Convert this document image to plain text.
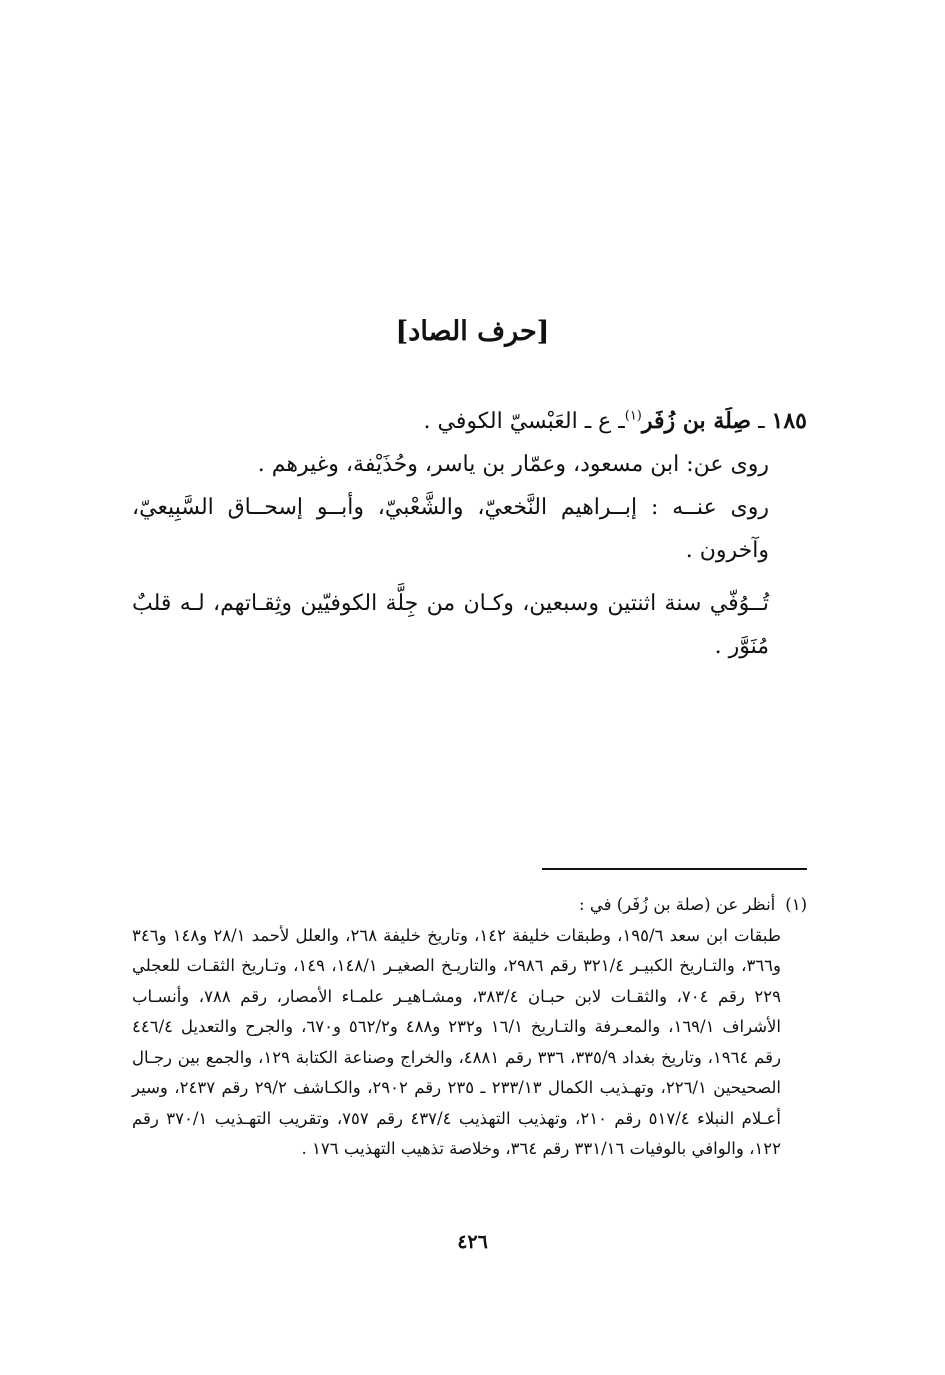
[حرف الصاد]

١٨٥ ـ صِلَة بن زُفَر$^{(١)}$ـ ع ـ العَبْسيّ الكوفي .

روى عن: ابن مسعود، وعمّار بن ياسر، وحُذَيْفة، وغيرهم .

روى عنــه : إبــراهيم النَّخعيّ، والشَّعْبيّ، وأبــو إسحــاق السَّبِيعيّ، وآخرون .

تُــوُفّي سنة اثنتين وسبعين، وكـان من جِلَّة الكوفيّين وثِقـاتهم، لـه قلبٌ مُنَوَّر .

(١)أنظر عن (صلة بن زُفَر) في :

طبقات ابن سعد ١٩٥/٦، وطبقات خليفة ١٤٢، وتاريخ خليفة ٢٦٨، والعلل لأحمد ٢٨/١ و١٤٨ و٣٤٦ و٣٦٦، والتـاريخ الكبيـر ٣٢١/٤ رقم ٢٩٨٦، والتاريـخ الصغيـر ١٤٨/١، ١٤٩، وتـاريخ الثقـات للعجلي ٢٢٩ رقم ٧٠٤، والثقـات لابن حبـان ٣٨٣/٤، ومشـاهيـر علمـاء الأمصار، رقم ٧٨٨، وأنسـاب الأشراف ١٦٩/١، والمعـرفة والتـاريخ ١٦/١ و٢٣٢ و٤٨٨ و٥٦٢/٢ و٦٧٠، والجرح والتعديل ٤٤٦/٤ رقم ١٩٦٤، وتاريخ بغداد ٣٣٥/٩، ٣٣٦ رقم ٤٨٨١، والخراج وصناعة الكتابة ١٢٩، والجمع بين رجـال الصحيحين ٢٢٦/١، وتهـذيب الكمال ٢٣٣/١٣ ـ ٢٣٥ رقم ٢٩٠٢، والكـاشف ٢٩/٢ رقم ٢٤٣٧، وسير أعـلام النبلاء ٥١٧/٤ رقم ٢١٠، وتهذيب التهذيب ٤٣٧/٤ رقم ٧٥٧، وتقريب التهـذيب ٣٧٠/١ رقم ١٢٢، والوافي بالوفيات ٣٣١/١٦ رقم ٣٦٤، وخلاصة تذهيب التهذيب ١٧٦ .

٤٢٦
